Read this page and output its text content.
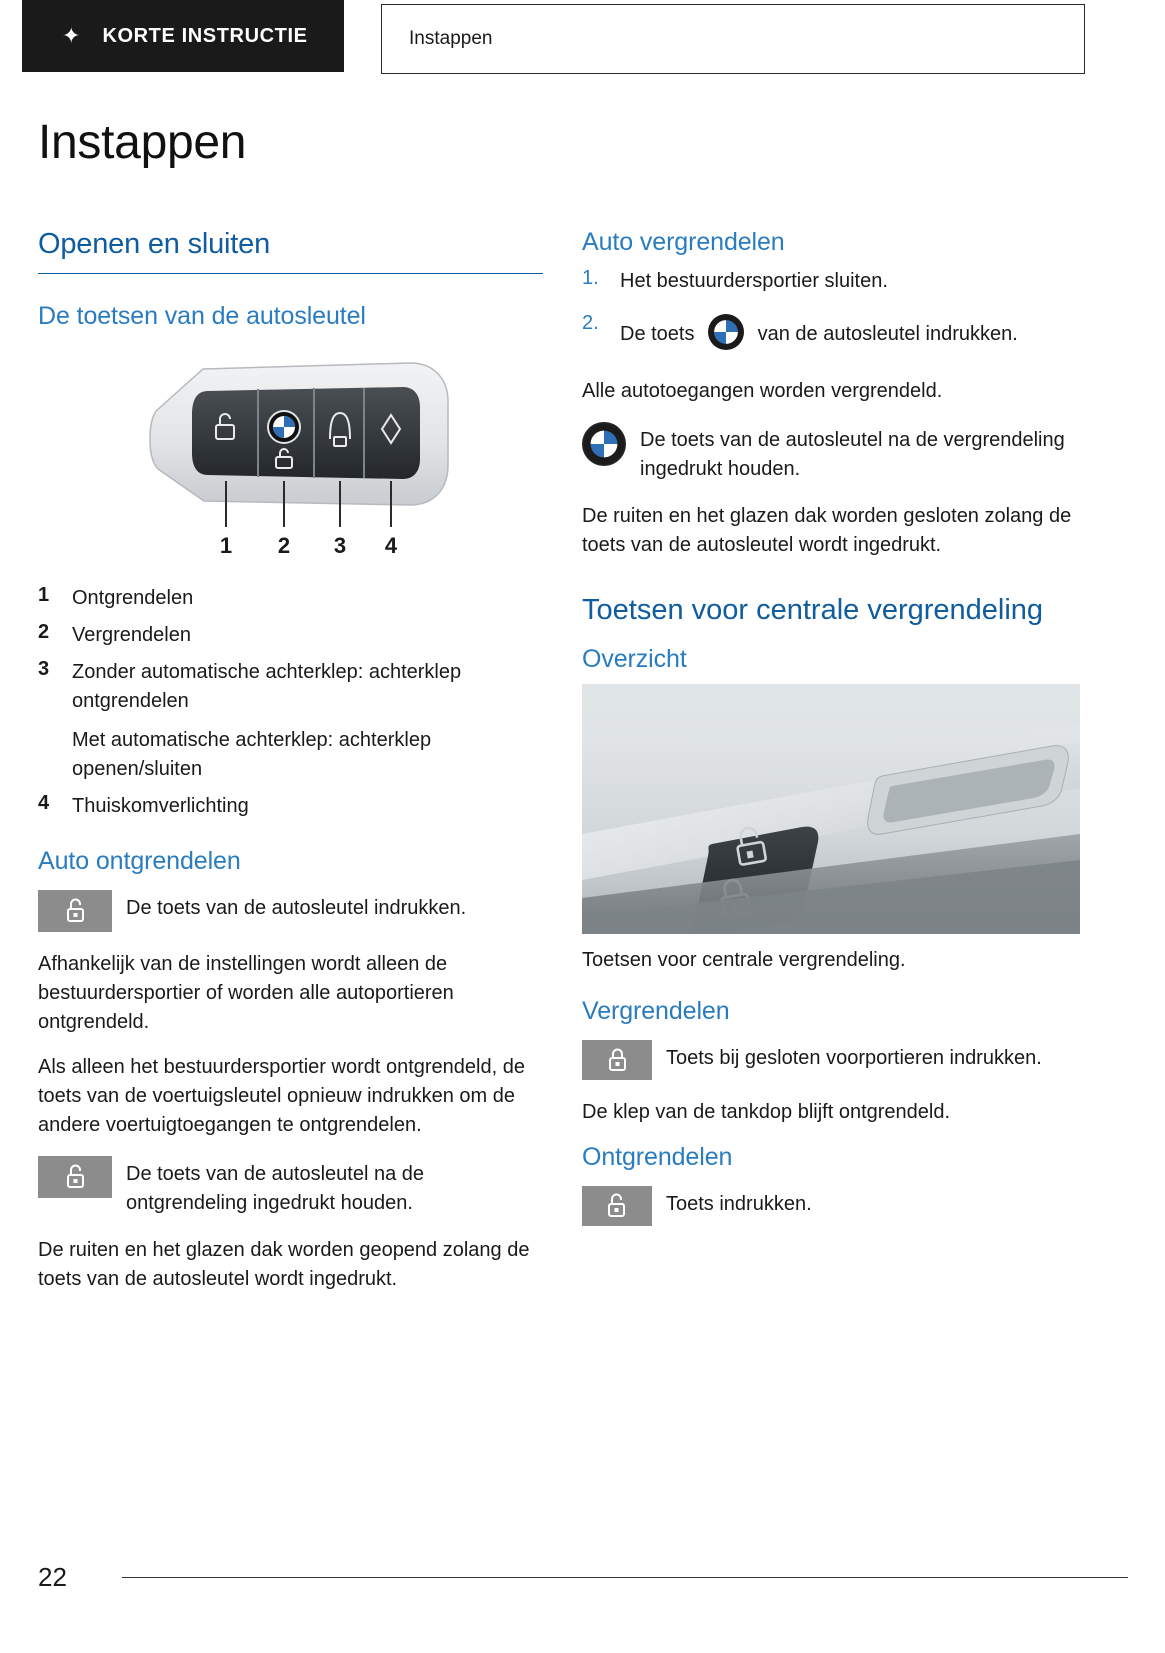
✦ KORTE INSTRUCTIE	Instappen
Instappen
Openen en sluiten
De toetsen van de autosleutel
1 2 3 4
1	Ontgrendelen
2	Vergrendelen
3	Zonder automatische achterklep: achterklep ontgrendelen
Met automatische achterklep: achterklep openen/sluiten
4	Thuiskomverlichting
Auto ontgrendelen
De toets van de autosleutel indrukken.

Afhankelijk van de instellingen wordt alleen de bestuurdersportier of worden alle autoportieren ontgrendeld.

Als alleen het bestuurdersportier wordt ontgrendeld, de toets van de voertuigsleutel opnieuw indrukken om de andere voertuigtoegangen te ontgrendelen.

De toets van de autosleutel na de ontgrendeling ingedrukt houden.

De ruiten en het glazen dak worden geopend zolang de toets van de autosleutel wordt ingedrukt.

Auto vergrendelen
1.	Het bestuurdersportier sluiten.
2.	De toets	van de autosleutel indrukken.

Alle autotoegangen worden vergrendeld.

De toets van de autosleutel na de vergrendeling ingedrukt houden.

De ruiten en het glazen dak worden gesloten zolang de toets van de autosleutel wordt ingedrukt.

Toetsen voor centrale vergrendeling
Overzicht
Toetsen voor centrale vergrendeling.
Vergrendelen
Toets bij gesloten voorportieren indrukken.

De klep van de tankdop blijft ontgrendeld.

Ontgrendelen
Toets indrukken.
22
